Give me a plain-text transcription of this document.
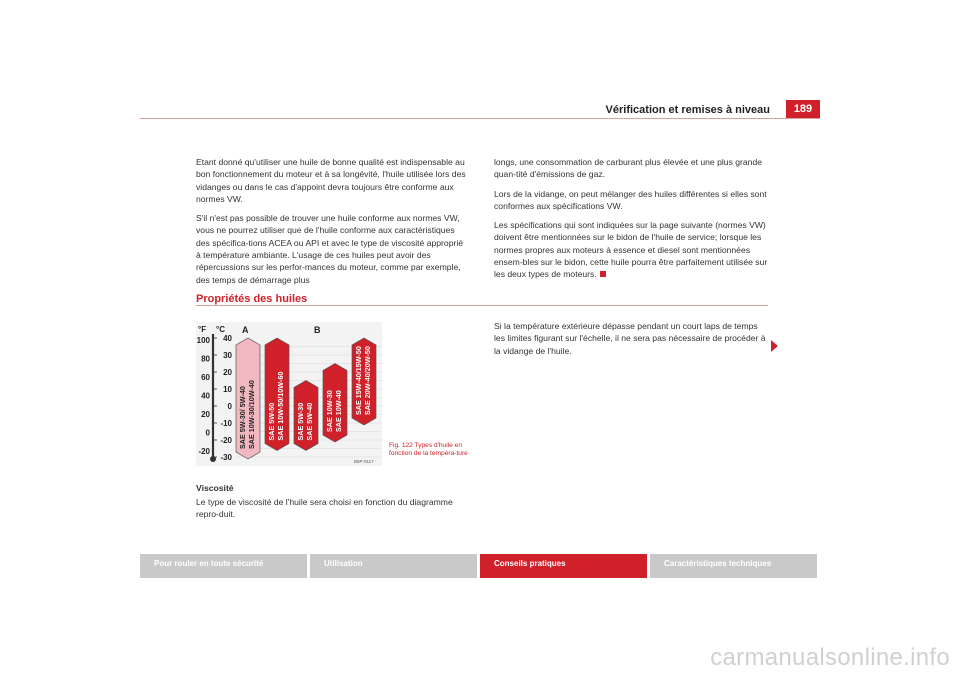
Vérification et remises à niveau	189

Etant donné qu'utiliser une huile de bonne qualité est indispensable au bon fonctionnement du moteur et à sa longévité, l'huile utilisée lors des vidanges ou dans le cas d'appoint devra toujours être conforme aux normes VW.

S'il n'est pas possible de trouver une huile conforme aux normes VW, vous ne pourrez utiliser que de l'huile conforme aux caractéristiques des spécifica-tions ACEA ou API et avec le type de viscosité approprié à température ambiante. L'usage de ces huiles peut avoir des répercussions sur les perfor-mances du moteur, comme par exemple, des temps de démarrage plus

longs, une consommation de carburant plus élevée et une plus grande quan-tité d'émissions de gaz.

Lors de la vidange, on peut mélanger des huiles différentes si elles sont conformes aux spécifications VW.

Les spécifications qui sont indiquées sur la page suivante (normes VW) doivent être mentionnées sur le bidon de l'huile de service; lorsque les normes propres aux moteurs à essence et diesel sont mentionnées ensem-bles sur le bidon, cette huile pourra être parfaitement utilisée sur les deux types de moteurs.

Propriétés des huiles
100
80
60
40
20
0
-20
40
30
20
10
0
-10
-20
-30
SAE 5W-30/ 5W-40 SAE 10W-30/10W-40 SAE 5W-50 SAE 10W-50/10W-60 SAE 5W-30 SAE 5W-40 SAE 10W-30 SAE 10W-40 SAE 15W-40/15W-50 SAE 20W-40/20W-50
°F °C A	B
B5P-0117
Fig. 122 Types d'huile en fonction de la tempéra-ture
Si la température extérieure dépasse pendant un court laps de temps les limites figurant sur l'échelle, il ne sera pas nécessaire de procéder à la vidange de l'huile.
Viscosité
Le type de viscosité de l'huile sera choisi en fonction du diagramme repro-duit.
Pour rouler en toute sécurité	Utilisation	Conseils pratiques	Caractéristiques techniques
carmanualsonline.info
